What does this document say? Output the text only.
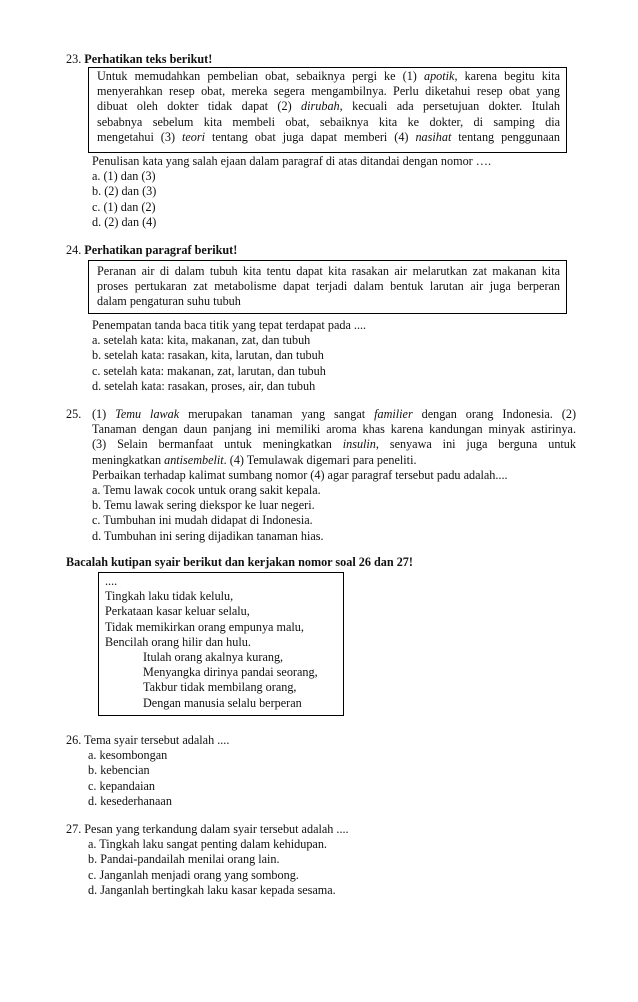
23. Perhatikan teks berikut!
Untuk memudahkan pembelian obat, sebaiknya pergi ke (1) apotik, karena begitu kita
menyerahkan resep obat, mereka segera mengambilnya. Perlu diketahui resep obat yang
dibuat oleh dokter tidak dapat (2) dirubah, kecuali ada persetujuan dokter. Itulah
sebabnya sebelum kita membeli obat, sebaiknya kita ke dokter, di samping dia
mengetahui (3) teori tentang obat juga dapat memberi (4) nasihat tentang penggunaan
Penulisan kata yang salah ejaan dalam paragraf di atas ditandai dengan nomor ….
a. (1) dan (3)
b. (2) dan (3)
c. (1) dan (2)
d. (2) dan (4)
24. Perhatikan paragraf berikut!
Peranan air di dalam tubuh kita tentu dapat kita rasakan air melarutkan zat makanan kita
proses pertukaran zat metabolisme dapat terjadi dalam bentuk larutan air juga berperan
dalam pengaturan suhu tubuh
Penempatan tanda baca titik yang tepat terdapat pada ....
a. setelah kata: kita, makanan, zat, dan tubuh
b. setelah kata: rasakan, kita, larutan, dan tubuh
c. setelah kata: makanan, zat, larutan, dan tubuh
d. setelah kata: rasakan, proses, air, dan tubuh
25. (1) Temu lawak merupakan tanaman yang sangat familier dengan orang Indonesia. (2)
Tanaman dengan daun panjang ini memiliki aroma khas karena kandungan minyak astirinya.
(3) Selain bermanfaat untuk meningkatkan insulin, senyawa ini juga berguna untuk
meningkatkan antisembelit. (4) Temulawak digemari para peneliti.
Perbaikan terhadap kalimat sumbang nomor (4) agar paragraf tersebut padu adalah....
a. Temu lawak cocok untuk orang sakit kepala.
b. Temu lawak sering diekspor ke luar negeri.
c. Tumbuhan ini mudah didapat di Indonesia.
d. Tumbuhan ini sering dijadikan tanaman hias.
Bacalah kutipan syair berikut dan kerjakan nomor soal 26 dan 27!
....
Tingkah laku tidak kelulu,
Perkataan kasar keluar selalu,
Tidak memikirkan orang empunya malu,
Bencilah orang hilir dan hulu.
Itulah orang akalnya kurang,
Menyangka dirinya pandai seorang,
Takbur tidak membilang orang,
Dengan manusia selalu berperan
26. Tema syair tersebut adalah ....
a. kesombongan
b. kebencian
c. kepandaian
d. kesederhanaan
27. Pesan yang terkandung dalam syair tersebut adalah ....
a. Tingkah laku sangat penting dalam kehidupan.
b. Pandai-pandailah menilai orang lain.
c. Janganlah menjadi orang yang sombong.
d. Janganlah bertingkah laku kasar kepada sesama.
